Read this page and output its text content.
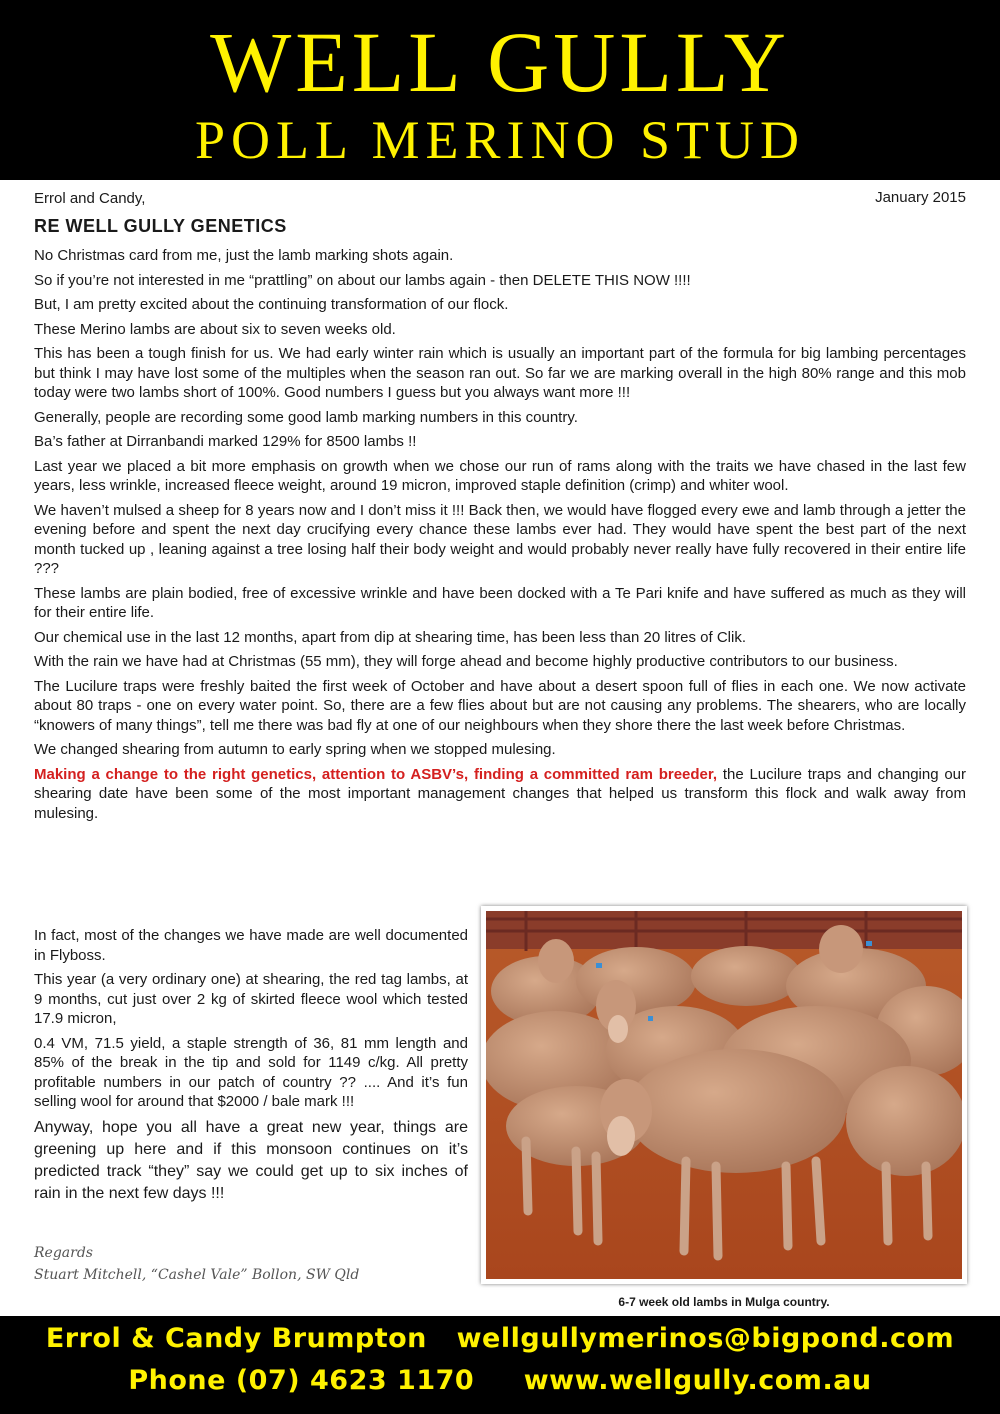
WELL GULLY
POLL MERINO STUD
Errol and Candy,	January 2015
RE WELL GULLY GENETICS

No Christmas card from me, just the lamb marking shots again.

So if you’re not interested in me “prattling” on about our lambs again - then DELETE THIS NOW !!!!

But, I am pretty excited about the continuing transformation of our flock.

These Merino lambs are about six to seven weeks old.

This has been a tough finish for us. We had early winter rain which is usually an important part of the formula for big lambing percentages but think I may have lost some of the multiples when the season ran out. So far we are marking overall in the high 80% range and this mob today were two lambs short of 100%. Good numbers I guess but you always want more !!!

Generally, people are recording some good lamb marking numbers in this country.

Ba’s father at Dirranbandi marked 129% for 8500 lambs !!

Last year we placed a bit more emphasis on growth when we chose our run of rams along with the traits we have chased in the last few years, less wrinkle, increased fleece weight, around 19 micron, improved staple definition (crimp) and whiter wool.

We haven’t mulsed a sheep for 8 years now and I don’t miss it !!! Back then, we would have flogged every ewe and lamb through a jetter the evening before and spent the next day crucifying every chance these lambs ever had. They would have spent the best part of the next month tucked up , leaning against a tree losing half their body weight and would probably never really have fully recovered in their entire life ???

These lambs are plain bodied, free of excessive wrinkle and have been docked with a Te Pari knife and have suffered as much as they will for their entire life.

Our chemical use in the last 12 months, apart from dip at shearing time, has been less than 20 litres of Clik.

With the rain we have had at Christmas (55 mm), they will forge ahead and become highly productive contributors to our business.

The Lucilure traps were freshly baited the first week of October and have about a desert spoon full of flies in each one. We now activate about 80 traps - one on every water point. So, there are a few flies about but are not causing any problems. The shearers, who are locally “knowers of many things”, tell me there was bad fly at one of our neighbours when they shore there the last week before Christmas.

We changed shearing from autumn to early spring when we stopped mulesing.

Making a change to the right genetics, attention to ASBV’s, finding a committed ram breeder, the Lucilure traps and changing our shearing date have been some of the most important management changes that helped us transform this flock and walk away from mulesing.

In fact, most of the changes we have made are well documented in Flyboss.

This year (a very ordinary one) at shearing, the red tag lambs, at 9 months, cut just over 2 kg of skirted fleece wool which tested 17.9 micron,

0.4 VM, 71.5 yield, a staple strength of 36, 81 mm length and 85% of the break in the tip and sold for 1149 c/kg. All pretty profitable numbers in our patch of country ?? .... And it’s fun selling wool for around that $2000 / bale mark !!!

Anyway, hope you all have a great new year, things are greening up here and if this monsoon continues on it’s predicted track “they” say we could get up to six inches of rain in the next few days !!!

Regards
Stuart Mitchell, “Cashel Vale” Bollon, SW Qld
6-7 week old lambs in Mulga country.
Errol & Candy Brumpton wellgullymerinos@bigpond.com
Phone (07) 4623 1170 www.wellgully.com.au
